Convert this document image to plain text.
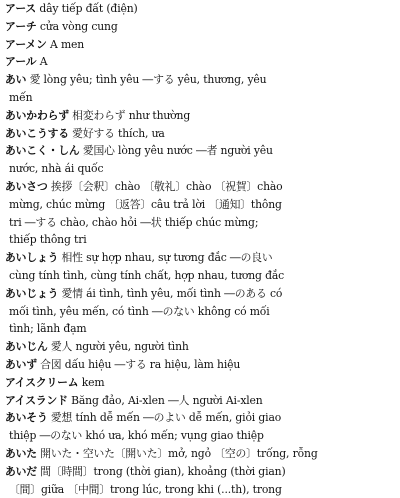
アース dây tiếp đất (điện)
アーチ cửa vòng cung
アーメン A men
アール A
あい 愛 lòng yêu; tình yêu ―する yêu, thương, yêu
mến
あいかわらず 相変わらず như thường
あいこうする 愛好する thích, ưa
あいこく・しん 愛国心 lòng yêu nước ―者 người yêu
nước, nhà ái quốc
あいさつ 挨拶〔会釈〕chào 〔敬礼〕chào 〔祝賀〕chào
mừng, chúc mừng 〔返答〕câu trả lời 〔通知〕thông
tri ―する chào, chào hỏi ―状 thiếp chúc mừng;
thiếp thông tri
あいしょう 相性 sự hợp nhau, sự tương đắc ―の良い
cùng tính tình, cùng tính chất, hợp nhau, tương đắc
あいじょう 愛情 ái tình, tình yêu, mối tình ―のある có
mối tình, yêu mến, có tình ―のない không có mối
tình; lãnh đạm
あいじん 愛人 người yêu, người tình
あいず 合図 dấu hiệu ―する ra hiệu, làm hiệu
アイスクリーム kem
アイスランド Băng đảo, Ai-xlen ―人 người Ai-xlen
あいそう 愛想 tính dễ mến ―のよい dễ mến, giỏi giao
thiệp ―のない khó ưa, khó mến; vụng giao thiệp
あいた 開いた・空いた〔開いた〕mở, ngỏ 〔空の〕trống, rỗng
あいだ 間〔時間〕trong (thời gian), khoảng (thời gian)
〔間〕giữa 〔中間〕trong lúc, trong khi (...th), trong
